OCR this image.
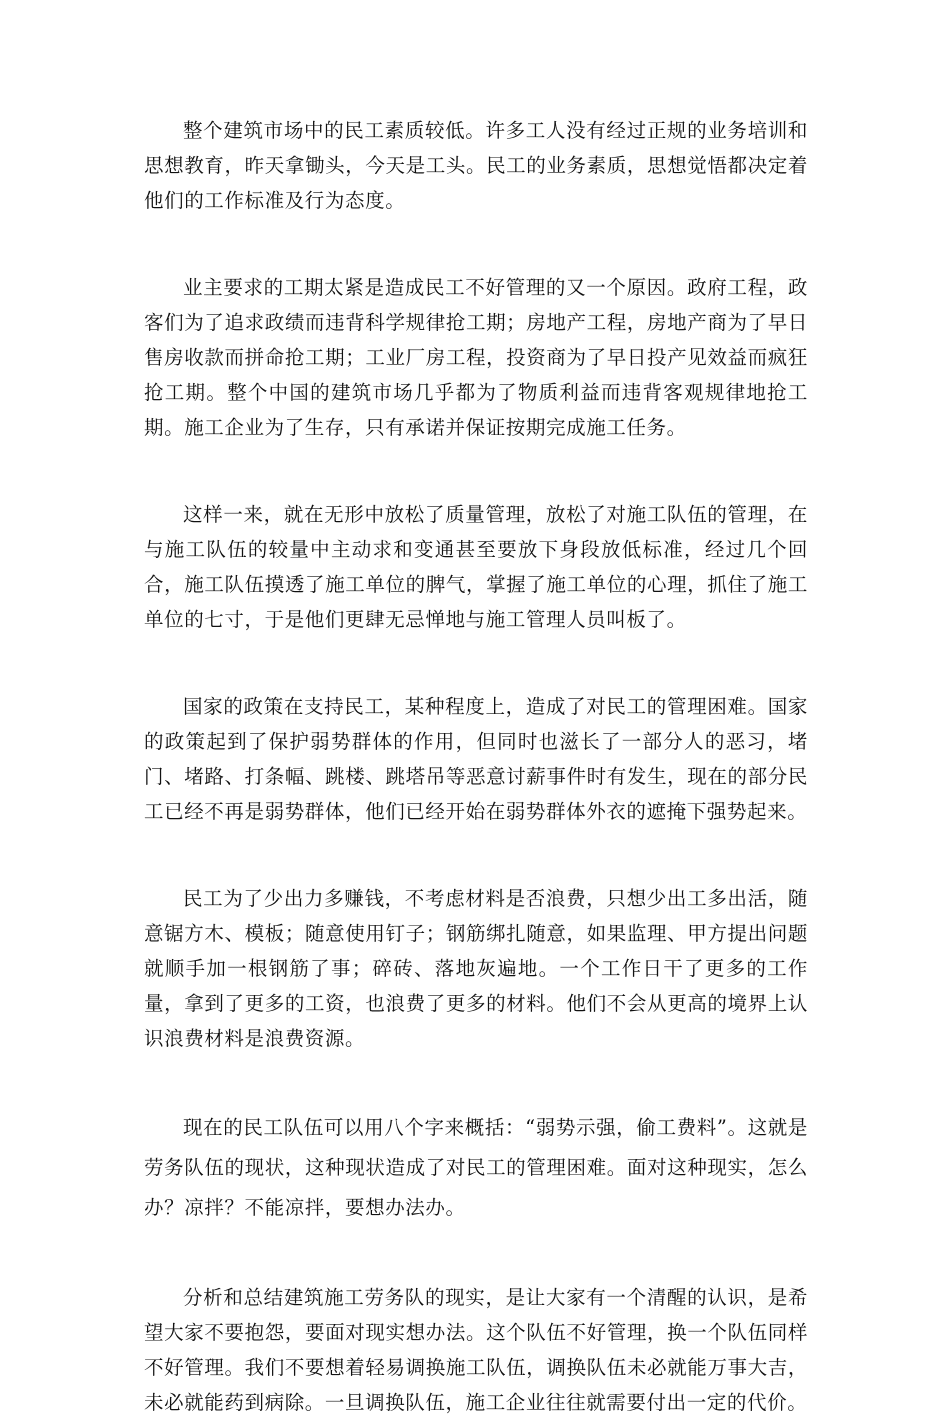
整个建筑市场中的民工素质较低。许多工人没有经过正规的业务培训和思想教育，昨天拿锄头，今天是工头。民工的业务素质，思想觉悟都决定着他们的工作标准及行为态度。

业主要求的工期太紧是造成民工不好管理的又一个原因。政府工程，政客们为了追求政绩而违背科学规律抢工期；房地产工程，房地产商为了早日售房收款而拼命抢工期；工业厂房工程，投资商为了早日投产见效益而疯狂抢工期。整个中国的建筑市场几乎都为了物质利益而违背客观规律地抢工期。施工企业为了生存，只有承诺并保证按期完成施工任务。

这样一来，就在无形中放松了质量管理，放松了对施工队伍的管理，在与施工队伍的较量中主动求和变通甚至要放下身段放低标准，经过几个回合，施工队伍摸透了施工单位的脾气，掌握了施工单位的心理，抓住了施工单位的七寸，于是他们更肆无忌惮地与施工管理人员叫板了。

国家的政策在支持民工，某种程度上，造成了对民工的管理困难。国家的政策起到了保护弱势群体的作用，但同时也滋长了一部分人的恶习，堵门、堵路、打条幅、跳楼、跳塔吊等恶意讨薪事件时有发生，现在的部分民工已经不再是弱势群体，他们已经开始在弱势群体外衣的遮掩下强势起来。

民工为了少出力多赚钱，不考虑材料是否浪费，只想少出工多出活，随意锯方木、模板；随意使用钉子；钢筋绑扎随意，如果监理、甲方提出问题就顺手加一根钢筋了事；碎砖、落地灰遍地。一个工作日干了更多的工作量，拿到了更多的工资，也浪费了更多的材料。他们不会从更高的境界上认识浪费材料是浪费资源。

现在的民工队伍可以用八个字来概括：“弱势示强，偷工费料”。这就是劳务队伍的现状，这种现状造成了对民工的管理困难。面对这种现实，怎么办？凉拌？不能凉拌，要想办法办。

分析和总结建筑施工劳务队的现实，是让大家有一个清醒的认识，是希望大家不要抱怨，要面对现实想办法。这个队伍不好管理，换一个队伍同样不好管理。我们不要想着轻易调换施工队伍，调换队伍未必就能万事大吉，未必就能药到病除。一旦调换队伍，施工企业往往就需要付出一定的代价。
